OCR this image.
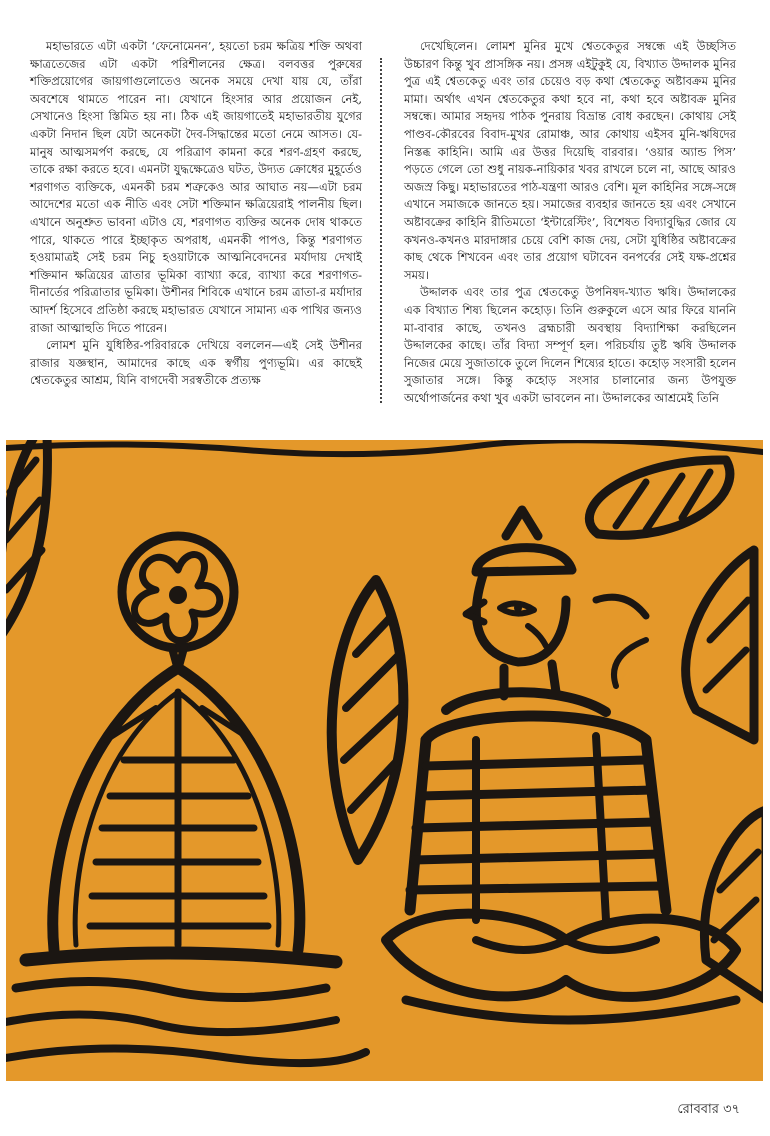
মহাভারতে এটা একটা ‘ফেনোমেনন’, হয়তো চরম ক্ষত্রিয় শক্তি অথবা ক্ষাত্রতেজের এটা একটা পরিশীলনের ক্ষেত্র। বলবত্তর পুরুষের শক্তিপ্রয়োগের জায়গাগুলোতেও অনেক সময়ে দেখা যায় যে, তাঁরা অবশেষে থামতে পারেন না। যেখানে হিংসার আর প্রয়োজন নেই, সেখানেও হিংসা স্তিমিত হয় না। ঠিক এই জায়গাতেই মহাভারতীয় যুগের একটা নিদান ছিল যেটা অনেকটা দৈব-সিদ্ধান্তের মতো নেমে আসত। যে-মানুষ আত্মসমর্পণ করছে, যে পরিত্রাণ কামনা করে শরণ-গ্রহণ করছে, তাকে রক্ষা করতে হবে। এমনটা যুদ্ধক্ষেত্রেও ঘটত, উদ্যত ক্রোধের মুহূর্তেও শরণাগত ব্যক্তিকে, এমনকী চরম শত্রুকেও আর আঘাত নয়—এটা চরম আদেশের মতো এক নীতি এবং সেটা শক্তিমান ক্ষত্রিয়েরাই পালনীয় ছিল। এখানে অনুশ্রুত ভাবনা এটাও যে, শরণাগত ব্যক্তির অনেক দোষ থাকতে পারে, থাকতে পারে ইচ্ছাকৃত অপরাধ, এমনকী পাপও, কিন্তু শরণাগত হওয়ামাত্রই সেই চরম নিচু হওয়াটাকে আত্মনিবেদনের মর্যাদায় দেখাই শক্তিমান ক্ষত্রিয়ের ত্রাতার ভূমিকা ব্যাখ্যা করে, ব্যাখ্যা করে শরণাগত-দীনার্তের পরিত্রাতার ভূমিকা। উশীনর শিবিকে এখানে চরম ত্রাতা-র মর্যাদার আদর্শ হিসেবে প্রতিষ্ঠা করছে মহাভারত যেখানে সামান্য এক পাখির জন্যও রাজা আত্মাহুতি দিতে পারেন।

লোমশ মুনি যুধিষ্ঠির-পরিবারকে দেখিয়ে বললেন—এই সেই উশীনর রাজার যজ্ঞস্থান, আমাদের কাছে এক স্বর্গীয় পুণ্যভূমি। এর কাছেই শ্বেতকেতুর আশ্রম, যিনি বাগদেবী সরস্বতীকে প্রত্যক্ষ

দেখেছিলেন। লোমশ মুনির মুখে শ্বেতকেতুর সম্বন্ধে এই উচ্ছসিত উচ্চারণ কিন্তু খুব প্রাসঙ্গিক নয়। প্রসঙ্গ এইটুকুই যে, বিখ্যাত উদ্দালক মুনির পুত্র এই শ্বেতকেতু এবং তার চেয়েও বড় কথা শ্বেতকেতু অষ্টাবক্রম মুনির মামা। অর্থাৎ এখন শ্বেতকেতুর কথা হবে না, কথা হবে অষ্টাবক্র মুনির সম্বন্ধে। আমার সহৃদয় পাঠক পুনরায় বিভ্রান্ত বোধ করছেন। কোথায় সেই পাণ্ডব-কৌরবের বিবাদ-মুখর রোমাঞ্চ, আর কোথায় এইসব মুনি-ঋষিদের নিস্তব্ধ কাহিনি। আমি এর উত্তর দিয়েছি বারবার। ‘ওয়ার অ্যান্ড পিস’ পড়তে গেলে তো শুধু নায়ক-নায়িকার খবর রাখলে চলে না, আছে আরও অজস্র কিছু। মহাভারতের পাঠ-যন্ত্রণা আরও বেশি। মূল কাহিনির সঙ্গে-সঙ্গে এখানে সমাজকে জানতে হয়। সমাজের ব্যবহার জানতে হয় এবং সেখানে অষ্টাবক্রের কাহিনি রীতিমতো ‘ইন্টারেস্টিং’, বিশেষত বিদ্যাবুদ্ধির জোর যে কখনও-কখনও মারদাঙ্গার চেয়ে বেশি কাজ দেয়, সেটা যুধিষ্ঠির অষ্টাবক্রের কাছ থেকে শিখবেন এবং তার প্রয়োগ ঘটাবেন বনপর্বের সেই যক্ষ-প্রশ্নের সময়।

উদ্দালক এবং তার পুত্র শ্বেতকেতু উপনিষদ-খ্যাত ঋষি। উদ্দালকের এক বিখ্যাত শিষ্য ছিলেন কহোড়। তিনি গুরুকুলে এসে আর ফিরে যাননি মা-বাবার কাছে, তখনও ব্রহ্মচারী অবস্থায় বিদ্যাশিক্ষা করছিলেন উদ্দালকের কাছে। তাঁর বিদ্যা সম্পূর্ণ হল। পরিচর্যায় তুষ্ট ঋষি উদ্দালক নিজের মেয়ে সুজাতাকে তুলে দিলেন শিষ্যের হাতে। কহোড় সংসারী হলেন সুজাতার সঙ্গে। কিন্তু কহোড় সংসার চালানোর জন্য উপযুক্ত অর্থোপার্জনের কথা খুব একটা ভাবলেন না। উদ্দালকের আশ্রমেই তিনি

রোববার ৩৭
